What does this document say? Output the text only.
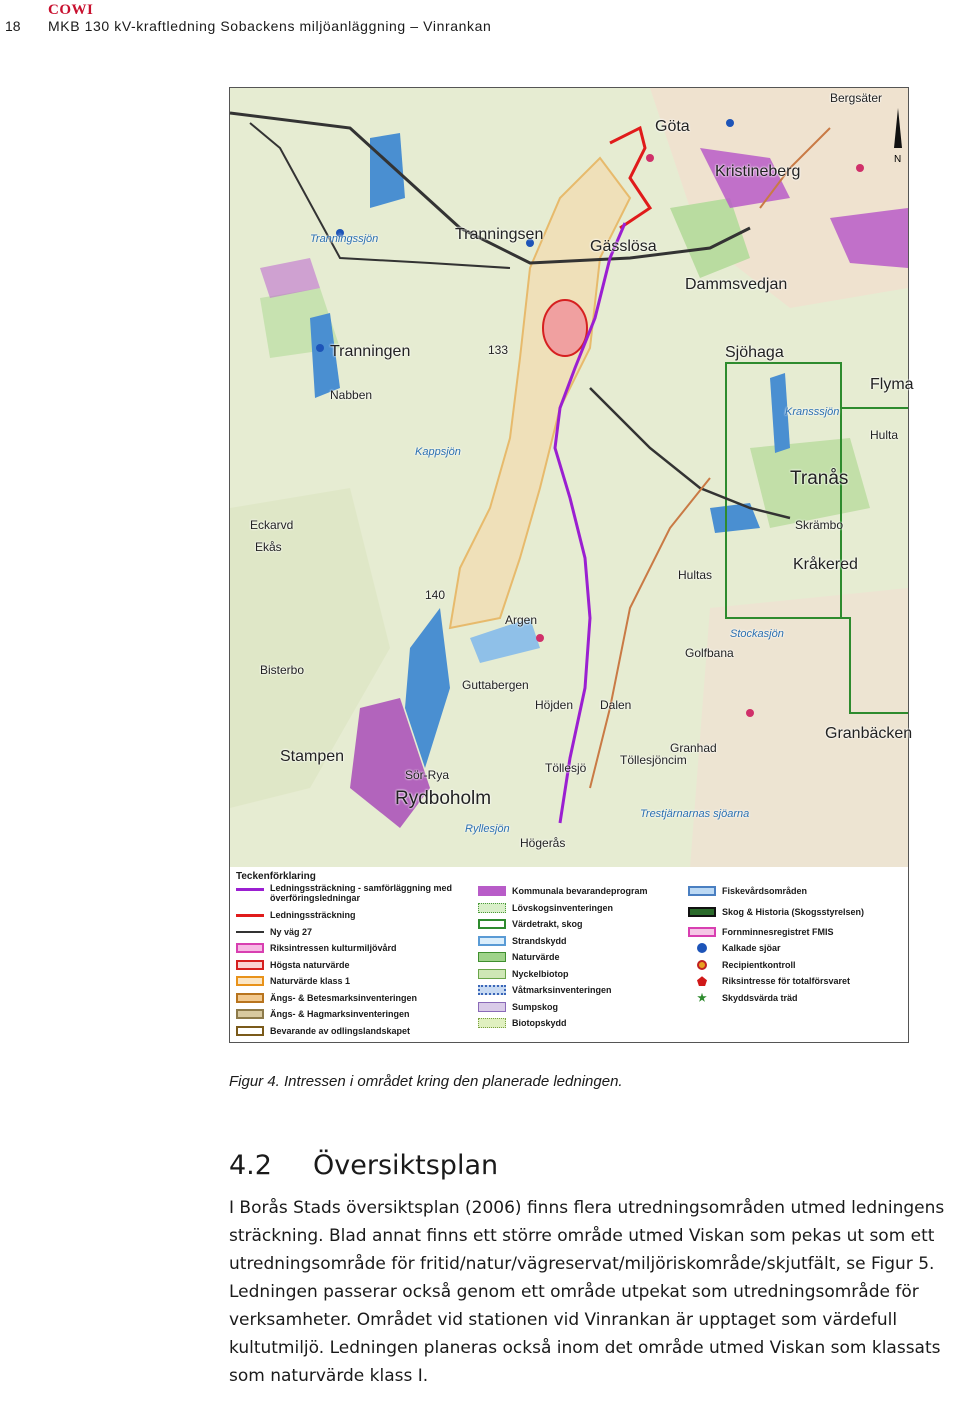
18
COWI
MKB 130 kV-kraftledning Sobackens miljöanläggning – Vinrankan
N
Bergsäter
Göta
Kristineberg
Tranningssjön	Tranningsen
Gässlösa
Dammsvedjan
Tranningen	Sjöhaga
Flyma
Nabben
Kransssjön
Hulta
Kappsjön
Tranås
Eckarvd
Ekås
Skrämbo
Kråkered
Hultas
Stockasjön
Golfbana
Argen
Bisterbo
Guttabergen
Höjden Dalen
Granbäcken
Stampen
Sör-Rya	Töllesjö
Töllesjöncim
Granhad
Rydboholm
Högerås
Trestjärnarnas sjöarna
Ryllesjön
133
140
Teckenförklaring
Ledningssträckning - samförläggning med överföringsledningar
Ledningssträckning
Ny väg 27
Riksintressen kulturmiljövård
Högsta naturvärde
Naturvärde klass 1
Ängs- & Betesmarksinventeringen
Ängs- & Hagmarksinventeringen
Bevarande av odlingslandskapet
Kommunala bevarandeprogram
Lövskogsinventeringen
Värdetrakt, skog
Strandskydd
Naturvärde
Nyckelbiotop
Våtmarksinventeringen
Sumpskog
Biotopskydd
Fiskevårdsområden
Skog & Historia (Skogsstyrelsen)
Fornminnesregistret FMIS
Kalkade sjöar
Recipientkontroll
Riksintresse för totalförsvaret
Skyddsvärda träd
Figur 4. Intressen i området kring den planerade ledningen.
4.2 Översiktsplan

I Borås Stads översiktsplan (2006) finns flera utredningsområden utmed ledningens sträckning. Blad annat finns ett större område utmed Viskan som pekas ut som ett utredningsområde för fritid/natur/vägreservat/miljöriskområde/skjutfält, se Figur 5. Ledningen passerar också genom ett område utpekat som utredningsområde för verksamheter. Området vid stationen vid Vinrankan är upptaget som värdefull kultutmiljö. Ledningen planeras också inom det område utmed Viskan som klassats som naturvärde klass I.
